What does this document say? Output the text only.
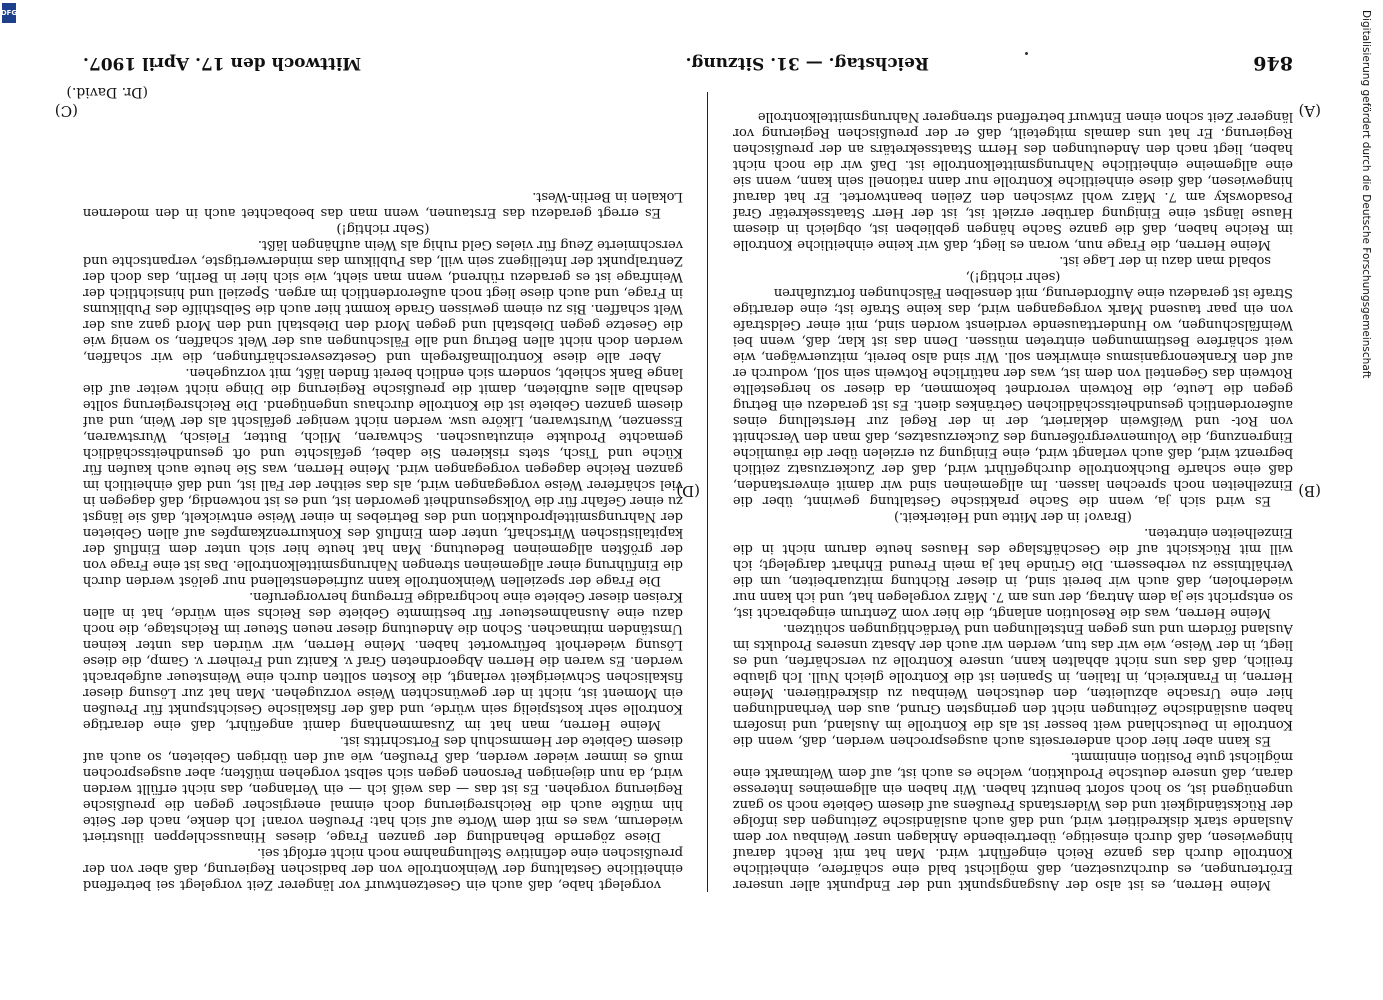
846
Reichstag. — 31. Sitzung.
Mittwoch den 17. April 1907.
(Dr. David.)
(A)
(B)
(C)
(D)

Meine Herren, es ist also der Ausgangspunkt und der Endpunkt aller unserer Erörterungen, es durchzusetzen, daß möglichst bald eine schärfere, einheitliche Kontrolle durch das ganze Reich eingeführt wird. Man hat mit Recht darauf hingewiesen, daß durch einseitige, übertreibende Anklagen unser Weinbau vor dem Auslande stark diskreditiert wird, und daß auch ausländische Zeitungen das infolge der Rückständigkeit und des Widerstands Preußens auf diesem Gebiete noch so ganz ungenügend ist, so hoch sofort benutzt haben. Wir haben ein allgemeines Interesse daran, daß unsere deutsche Produktion, welche es auch ist, auf dem Weltmarkt eine möglichst gute Position einnimmt.

Es kann aber hier doch andererseits auch ausgesprochen werden, daß, wenn die Kontrolle in Deutschland weit besser ist als die Kontrolle im Ausland, und insofern haben ausländische Zeitungen nicht den geringsten Grund, aus den Verhandlungen hier eine Ursache abzuleiten, den deutschen Weinbau zu diskreditieren. Meine Herren, in Frankreich, in Italien, in Spanien ist die Kontrolle gleich Null. Ich glaube freilich, daß das uns nicht abhalten kann, unsere Kontrolle zu verschärfen, und es liegt, in der Weise, wie wir das tun, werden wir auch der Absatz unseres Produkts im Ausland fördern und uns gegen Entstellungen und Verdächtigungen schützen.

Meine Herren, was die Resolution anlangt, die hier vom Zentrum eingebracht ist, so entspricht sie ja dem Antrag, der uns am 7. März vorgelegen hat, und ich kann nur wiederholen, daß auch wir bereit sind, in dieser Richtung mitzuarbeiten, um die Verhältnisse zu verbessern. Die Gründe hat ja mein Freund Ehrhart dargelegt; ich will mit Rücksicht auf die Geschäftslage des Hauses heute darum nicht in die Einzelheiten eintreten.

(Bravo! in der Mitte und Heiterkeit.)

Es wird sich ja, wenn die Sache praktische Gestaltung gewinnt, über die Einzelheiten noch sprechen lassen. Im allgemeinen sind wir damit einverstanden, daß eine scharfe Buchkontrolle durchgeführt wird, daß der Zuckerzusatz zeitlich begrenzt wird, daß auch verlangt wird, eine Einigung zu erzielen über die räumliche Eingrenzung, die Volumenvergrößerung des Zuckerzusatzes, daß man den Verschnitt von Rot- und Weißwein deklariert, der in der Regel zur Herstellung eines außerordentlich gesundheitsschädlichen Getränkes dient. Es ist geradezu ein Betrug gegen die Leute, die Rotwein verordnet bekommen, da dieser so hergestellte Rotwein das Gegenteil von dem ist, was der natürliche Rotwein sein soll, wodurch er auf den Krankenorganismus einwirken soll. Wir sind also bereit, mitzuerwägen, wie weit schärfere Bestimmungen eintreten müssen. Denn das ist klar, daß, wenn bei Weinfälschungen, wo Hunderttausende verdienst worden sind, mit einer Geldstrafe von ein paar tausend Mark vorgegangen wird, das keine Strafe ist; eine derartige Strafe ist geradezu eine Aufforderung, mit denselben Fälschungen fortzufahren

(sehr richtig!),

sobald man dazu in der Lage ist.

Meine Herren, die Frage nun, woran es liegt, daß wir keine einheitliche Kontrolle im Reiche haben, daß die ganze Sache hängen geblieben ist, obgleich in diesem Hause längst eine Einigung darüber erzielt ist, ist der Herr Staatssekretär Graf Posadowsky am 7. März wohl zwischen den Zeilen beantwortet. Er hat darauf hingewiesen, daß diese einheitliche Kontrolle nur dann rationell sein kann, wenn sie eine allgemeine einheitliche Nahrungsmittelkontrolle ist. Daß wir die noch nicht haben, liegt nach den Andeutungen des Herrn Staatssekretärs an der preußischen Regierung. Er hat uns damals mitgeteilt, daß er der preußischen Regierung vor längerer Zeit schon einen Entwurf betreffend strengerer Nahrungsmittelkontrolle

vorgelegt habe, daß auch ein Gesetzentwurf vor längerer Zeit vorgelegt sei betreffend einheitliche Gestaltung der Weinkontrolle von der badischen Regierung, daß aber von der preußischen eine definitive Stellungnahme noch nicht erfolgt sei.

Diese zögernde Behandlung der ganzen Frage, dieses Hinausschleppen illustriert wiederum, was es mit dem Worte auf sich hat: Preußen voran! Ich denke, nach der Seite hin müßte auch die Reichsregierung doch einmal energischer gegen die preußische Regierung vorgehen. Es ist das — das weiß ich — ein Verlangen, das nicht erfüllt werden wird, da nun diejenigen Personen gegen sich selbst vorgehen müßten; aber ausgesprochen muß es immer wieder werden, daß Preußen, wie auf den übrigen Gebieten, so auch auf diesem Gebiete der Hemmschuh des Fortschritts ist.

Meine Herren, man hat im Zusammenhang damit angeführt, daß eine derartige Kontrolle sehr kostspielig sein würde, und daß der fiskalische Gesichtspunkt für Preußen ein Moment ist, nicht in der gewünschten Weise vorzugehen. Man hat zur Lösung dieser fiskalischen Schwierigkeit verlangt, die Kosten sollten durch eine Weinsteuer aufgebracht werden. Es waren die Herren Abgeordneten Graf v. Kanitz und Freiherr v. Gamp, die diese Lösung wiederholt befürwortet haben. Meine Herren, wir würden das unter keinen Umständen mitmachen. Schon die Andeutung dieser neuen Steuer im Reichstage, die noch dazu eine Ausnahmesteuer für bestimmte Gebiete des Reichs sein würde, hat in allen Kreisen dieser Gebiete eine hochgradige Erregung hervorgerufen.

Die Frage der speziellen Weinkontrolle kann zufriedenstellend nur gelöst werden durch die Einführung einer allgemeinen strengen Nahrungsmittelkontrolle. Das ist eine Frage von der größten allgemeinen Bedeutung. Man hat heute hier sich unter dem Einfluß der kapitalistischen Wirtschaft, unter dem Einfluß des Konkurrenzkampfes auf allen Gebieten der Nahrungsmittelproduktion und des Betriebes in einer Weise entwickelt, daß sie längst zu einer Gefahr für die Volksgesundheit geworden ist, und es ist notwendig, daß dagegen in viel schärferer Weise vorgegangen wird, als das seither der Fall ist, und daß einheitlich im ganzen Reiche dagegen vorgegangen wird. Meine Herren, was Sie heute auch kaufen für Küche und Tisch, stets riskieren Sie dabei, gefälschte und oft gesundheitsschädlich gemachte Produkte einzutauschen. Schwaren, Milch, Butter, Fleisch, Wurstwaren, Essenzen, Wurstwaren, Liköre usw. werden nicht weniger gefälscht als der Wein, und auf diesem ganzen Gebiete ist die Kontrolle durchaus ungenügend. Die Reichsregierung sollte deshalb alles aufbieten, damit die preußische Regierung die Dinge nicht weiter auf die lange Bank schiebt, sondern sich endlich bereit finden läßt, mit vorzugehen.

Aber alle diese Kontrollmaßregeln und Gesetzesverschärfungen, die wir schaffen, werden doch nicht allen Betrug und alle Fälschungen aus der Welt schaffen, so wenig wie die Gesetze gegen Diebstahl und gegen Mord den Diebstahl und den Mord ganz aus der Welt schaffen. Bis zu einem gewissen Grade kommt hier auch die Selbsthilfe des Publikums in Frage, und auch diese liegt noch außerordentlich im argen. Speziell und hinsichtlich der Weinfrage ist es geradezu rührend, wenn man sieht, wie sich hier in Berlin, das doch der Zentralpunkt der Intelligenz sein will, das Publikum das minderwertigste, verpantschte und verschmierte Zeug für vieles Geld ruhig als Wein aufhängen läßt.

(Sehr richtig!)

Es erregt geradezu das Erstaunen, wenn man das beobachtet auch in den modernen Lokalen in Berlin-West.	Digitalisierung gefördert durch die Deutsche Forschungsgemeinschaft
DFG
